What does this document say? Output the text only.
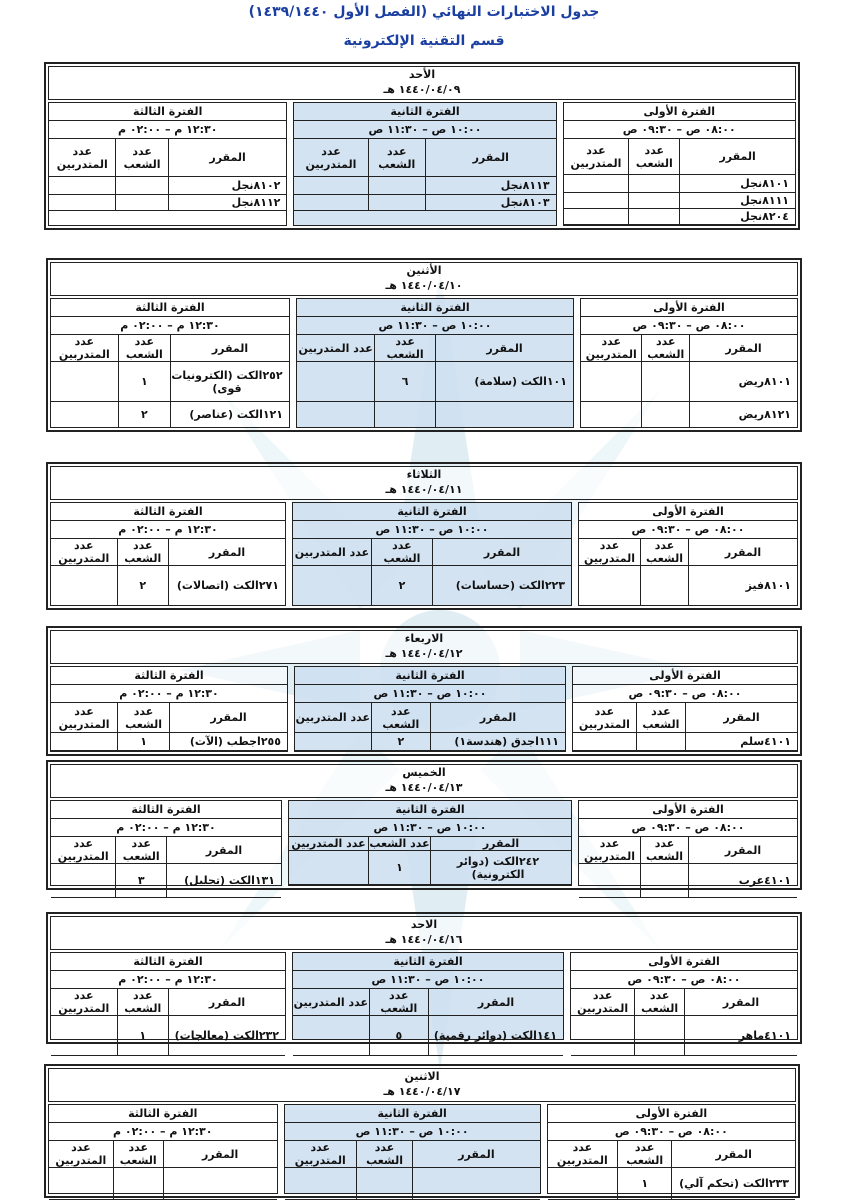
جدول الاختبارات النهائي (الفصل الأول ١٤٣٩/١٤٤٠)
قسم التقنية الإلكترونية
الأحد
١٤٤٠/٠٤/٠٩ هـ
الفترة الأولى
٠٨:٠٠ ص – ٠٩:٣٠ ص
المقرر
عدد الشعب
عدد المتدربين
٨١٠١نجل
٨١١١نجل
٨٢٠٤نجل
الفترة الثانية
١٠:٠٠ ص – ١١:٣٠ ص
المقرر
عدد الشعب
عدد المتدربين
٨١١٣نجل
٨١٠٣نجل
الفترة الثالثة
١٢:٣٠ م – ٠٢:٠٠ م
المقرر
عدد الشعب
عدد المتدربين
٨١٠٢نجل
٨١١٢نجل
الأثنين
١٤٤٠/٠٤/١٠ هـ
الفترة الأولى
٠٨:٠٠ ص – ٠٩:٣٠ ص
المقرر
عدد الشعب
عدد المتدربين
٨١٠١ريض
٨١٢١ريض
الفترة الثانية
١٠:٠٠ ص – ١١:٣٠ ص
المقرر
عدد الشعب
عدد المتدربين
١٠١الكت (سلامة)
٦
الفترة الثالثة
١٢:٣٠ م – ٠٢:٠٠ م
المقرر
عدد الشعب
عدد المتدربين
٢٥٢الكت (الكترونيات قوى)
١
١٢١الكت (عناصر)
٢
الثلاثاء
١٤٤٠/٠٤/١١ هـ
الفترة الأولى
٠٨:٠٠ ص – ٠٩:٣٠ ص
المقرر
عدد الشعب
عدد المتدربين
٨١٠١فيز
الفترة الثانية
١٠:٠٠ ص – ١١:٣٠ ص
المقرر
عدد الشعب
عدد المتدربين
٢٢٣الكت (حساسات)
٢
الفترة الثالثة
١٢:٣٠ م – ٠٢:٠٠ م
المقرر
عدد الشعب
عدد المتدربين
٢٧١الكت (اتصالات)
٢
الاربعاء
١٤٤٠/٠٤/١٢ هـ
الفترة الأولى
٠٨:٠٠ ص – ٠٩:٣٠ ص
المقرر
عدد الشعب
عدد المتدربين
٤١٠١سلم
الفترة الثانية
١٠:٠٠ ص – ١١:٣٠ ص
المقرر
عدد الشعب
عدد المتدربين
١١١اجدق (هندسة١)
٢
الفترة الثالثة
١٢:٣٠ م – ٠٢:٠٠ م
المقرر
عدد الشعب
عدد المتدربين
٢٥٥اجطب (الآت)
١
الخميس
١٤٤٠/٠٤/١٣ هـ
الفترة الأولى
٠٨:٠٠ ص – ٠٩:٣٠ ص
المقرر
عدد الشعب
عدد المتدربين
٤١٠١عرب
الفترة الثانية
١٠:٠٠ ص – ١١:٣٠ ص
المقرر
عدد الشعب
عدد المتدربين
٢٤٢الكت (دوائر الكترونية)
١
الفترة الثالثة
١٢:٣٠ م – ٠٢:٠٠ م
المقرر
عدد الشعب
عدد المتدربين
١٣١الكت (تحليل)
٣
الاحد
١٤٤٠/٠٤/١٦ هـ
الفترة الأولى
٠٨:٠٠ ص – ٠٩:٣٠ ص
المقرر
عدد الشعب
عدد المتدربين
٤١٠١ماهر
الفترة الثانية
١٠:٠٠ ص – ١١:٣٠ ص
المقرر
عدد الشعب
عدد المتدربين
١٤١الكت (دوائر رقمية)
٥
الفترة الثالثة
١٢:٣٠ م – ٠٢:٠٠ م
المقرر
عدد الشعب
عدد المتدربين
٢٣٢الكت (معالجات)
١
الاثنين
١٤٤٠/٠٤/١٧ هـ
الفترة الأولى
٠٨:٠٠ ص – ٠٩:٣٠ ص
المقرر
عدد الشعب
عدد المتدربين
٢٣٣الكت (تحكم آلي)
١
الفترة الثانية
١٠:٠٠ ص – ١١:٣٠ ص
المقرر
عدد الشعب
عدد المتدربين
الفترة الثالثة
١٢:٣٠ م – ٠٢:٠٠ م
المقرر
عدد الشعب
عدد المتدربين
